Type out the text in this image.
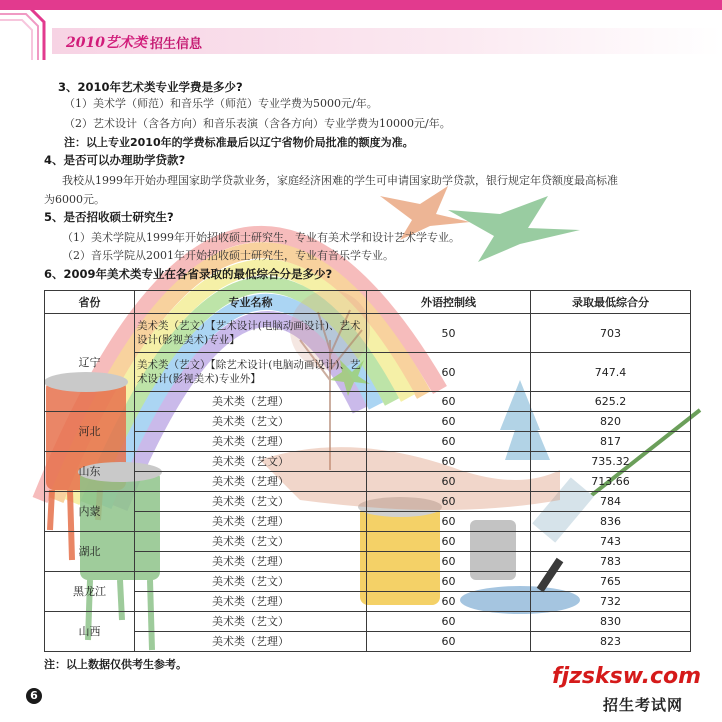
2010艺术类 招生信息
3、2010年艺术类专业学费是多少?
（1）美术学（师范）和音乐学（师范）专业学费为5000元/年。
（2）艺术设计（含各方向）和音乐表演（含各方向）专业学费为10000元/年。
注：以上专业2010年的学费标准最后以辽宁省物价局批准的额度为准。
4、是否可以办理助学贷款?
我校从1999年开始办理国家助学贷款业务，家庭经济困难的学生可申请国家助学贷款，银行规定年贷额度最高标准
为6000元。
5、是否招收硕士研究生?
（1）美术学院从1999年开始招收硕士研究生，专业有美术学和设计艺术学专业。
（2）音乐学院从2001年开始招收硕士研究生，专业有音乐学专业。
6、2009年美术类专业在各省录取的最低综合分是多少?
省份	专业名称	外语控制线	录取最低综合分
辽宁	美术类（艺文）【艺术设计(电脑动画设计)、艺术设计(影视美术)专业】	50	703
	美术类（艺文）【除艺术设计(电脑动画设计)、艺术设计(影视美术)专业外】	60	747.4
	美术类（艺理）	60	625.2
河北	美术类（艺文）	60	820
	美术类（艺理）	60	817
山东	美术类（艺文）	60	735.32
	美术类（艺理）	60	713.66
内蒙	美术类（艺文）	60	784
	美术类（艺理）	60	836
湖北	美术类（艺文）	60	743
	美术类（艺理）	60	783
黑龙江	美术类（艺文）	60	765
	美术类（艺理）	60	732
山西	美术类（艺文）	60	830
	美术类（艺理）	60	823
注：以上数据仅供考生参考。
6
fjzsksw.com
招生考试网
